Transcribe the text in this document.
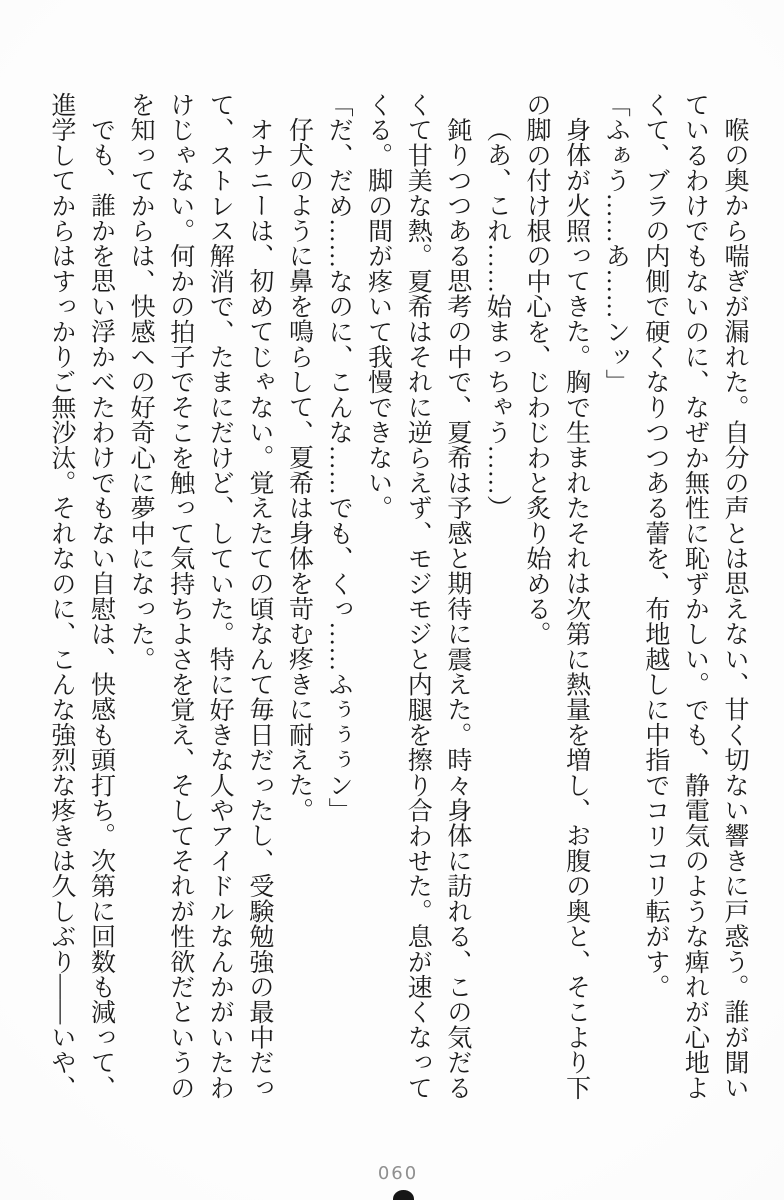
喉の奥から喘ぎが漏れた。自分の声とは思えない、甘く切ない響きに戸惑う。誰が聞いているわけでもないのに、なぜか無性に恥ずかしい。でも、静電気のような痺れが心地よくて、ブラの内側で硬くなりつつある蕾を、布地越しに中指でコリコリ転がす。

「ふぁう……あ……ンッ」

身体が火照ってきた。胸で生まれたそれは次第に熱量を増し、お腹の奥と、そこより下の脚の付け根の中心を、じわじわと炙り始める。

（あ、これ……始まっちゃう……）

鈍りつつある思考の中で、夏希は予感と期待に震えた。時々身体に訪れる、この気だるくて甘美な熱。夏希はそれに逆らえず、モジモジと内腿を擦り合わせた。息が速くなってくる。脚の間が疼いて我慢できない。

「だ、だめ……なのに、こんな……でも、くっ……ふぅぅぅン」

仔犬のように鼻を鳴らして、夏希は身体を苛む疼きに耐えた。

オナニーは、初めてじゃない。覚えたての頃なんて毎日だったし、受験勉強の最中だって、ストレス解消で、たまにだけど、していた。特に好きな人やアイドルなんかがいたわけじゃない。何かの拍子でそこを触って気持ちよさを覚え、そしてそれが性欲だというのを知ってからは、快感への好奇心に夢中になった。

でも、誰かを思い浮かべたわけでもない自慰は、快感も頭打ち。次第に回数も減って、進学してからはすっかりご無沙汰。それなのに、こんな強烈な疼きは久しぶり――いや、

060
